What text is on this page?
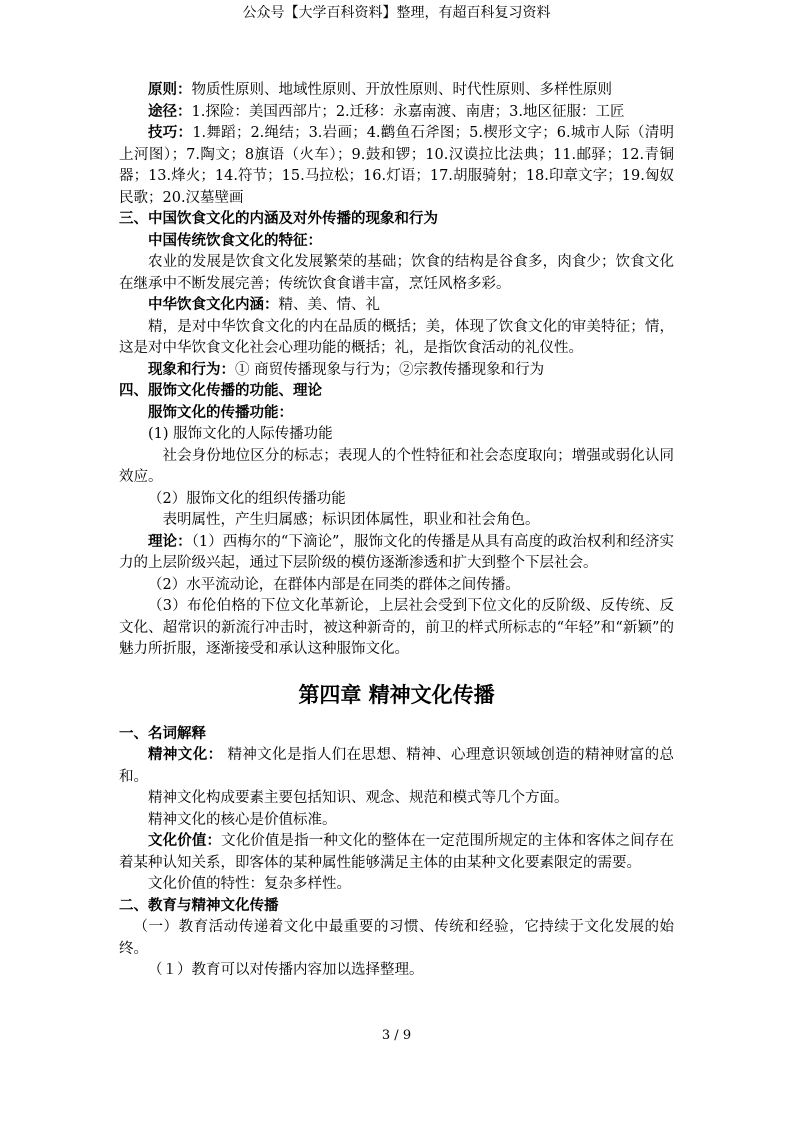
公众号【大学百科资料】整理，有超百科复习资料

原则：物质性原则、地域性原则、开放性原则、时代性原则、多样性原则

途径：1.探险：美国西部片；2.迁移：永嘉南渡、南唐；3.地区征服：工匠

技巧：1.舞蹈；2.绳结；3.岩画；4.鹳鱼石斧图；5.楔形文字；6.城市人际（清明上河图）；7.陶文；8旗语（火车）；9.鼓和锣；10.汉谟拉比法典；11.邮驿；12.青铜器；13.烽火；14.符节；15.马拉松；16.灯语；17.胡服骑射；18.印章文字；19.匈奴民歌；20.汉墓壁画

三、中国饮食文化的内涵及对外传播的现象和行为

中国传统饮食文化的特征：

农业的发展是饮食文化发展繁荣的基础；饮食的结构是谷食多，肉食少；饮食文化在继承中不断发展完善；传统饮食食谱丰富，烹饪风格多彩。

中华饮食文化内涵：精、美、情、礼

精，是对中华饮食文化的内在品质的概括；美，体现了饮食文化的审美特征；情，这是对中华饮食文化社会心理功能的概括；礼，是指饮食活动的礼仪性。

现象和行为：① 商贸传播现象与行为；②宗教传播现象和行为

四、服饰文化传播的功能、理论

服饰文化的传播功能：

(1) 服饰文化的人际传播功能

社会身份地位区分的标志；表现人的个性特征和社会态度取向；增强或弱化认同效应。

（2）服饰文化的组织传播功能

表明属性，产生归属感；标识团体属性，职业和社会角色。

理论：（1）西梅尔的“下滴论”，服饰文化的传播是从具有高度的政治权利和经济实力的上层阶级兴起，通过下层阶级的模仿逐渐渗透和扩大到整个下层社会。

（2）水平流动论，在群体内部是在同类的群体之间传播。

（3）布伦伯格的下位文化革新论，上层社会受到下位文化的反阶级、反传统、反文化、超常识的新流行冲击时，被这种新奇的，前卫的样式所标志的“年轻”和“新颖”的魅力所折服，逐渐接受和承认这种服饰文化。

第四章 精神文化传播

一、名词解释

精神文化： 精神文化是指人们在思想、精神、心理意识领域创造的精神财富的总和。

精神文化构成要素主要包括知识、观念、规范和模式等几个方面。

精神文化的核心是价值标准。

文化价值：文化价值是指一种文化的整体在一定范围所规定的主体和客体之间存在着某种认知关系，即客体的某种属性能够满足主体的由某种文化要素限定的需要。

文化价值的特性：复杂多样性。

二、教育与精神文化传播

（一）教育活动传递着文化中最重要的习惯、传统和经验，它持续于文化发展的始终。

（１）教育可以对传播内容加以选择整理。

3 / 9
